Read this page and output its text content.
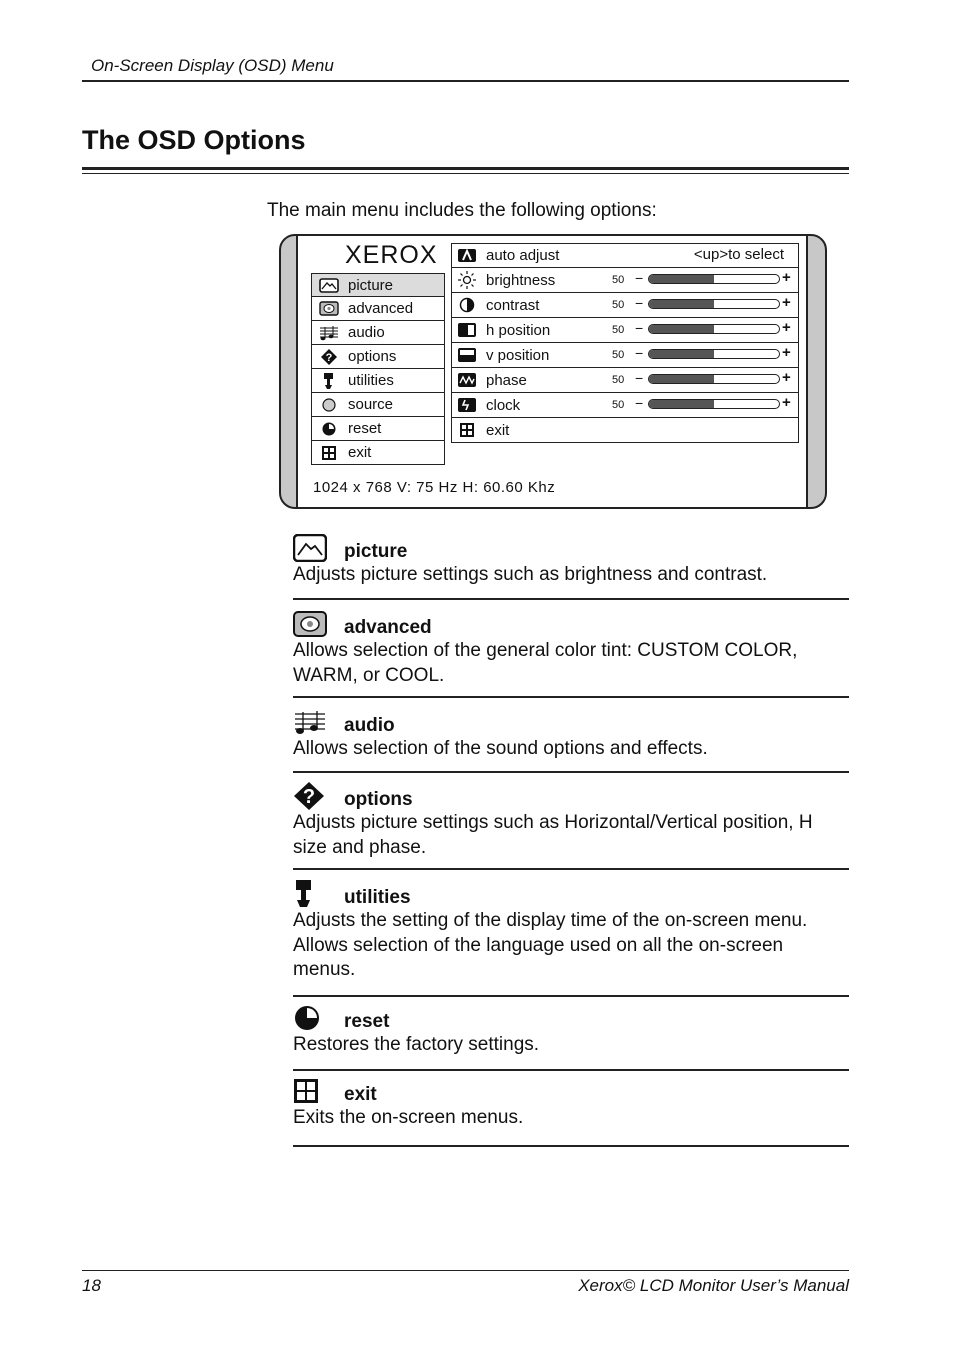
On-Screen Display (OSD) Menu
The OSD Options
The main menu includes the following options:
XEROX
picture
advanced
audio
? options
utilities
source
reset
exit
auto adjust	<up>to select
brightness	50 −	+
contrast	50 −	+
h position	50 −	+
v position	50 −	+
phase	50 −	+
clock	50 −	+
exit
1024 x 768 V: 75 Hz H: 60.60 Khz
picture
Adjusts picture settings such as brightness and contrast.
advanced
Allows selection of the general color tint: CUSTOM COLOR, WARM, or COOL.
audio
Allows selection of the sound options and effects.
? options
Adjusts picture settings such as Horizontal/Vertical position, H size and phase.
utilities
Adjusts the setting of the display time of the on-screen menu. Allows selection of the language used on all the on-screen menus.
reset
Restores the factory settings.
exit
Exits the on-screen menus.
18	Xerox© LCD Monitor User’s Manual
